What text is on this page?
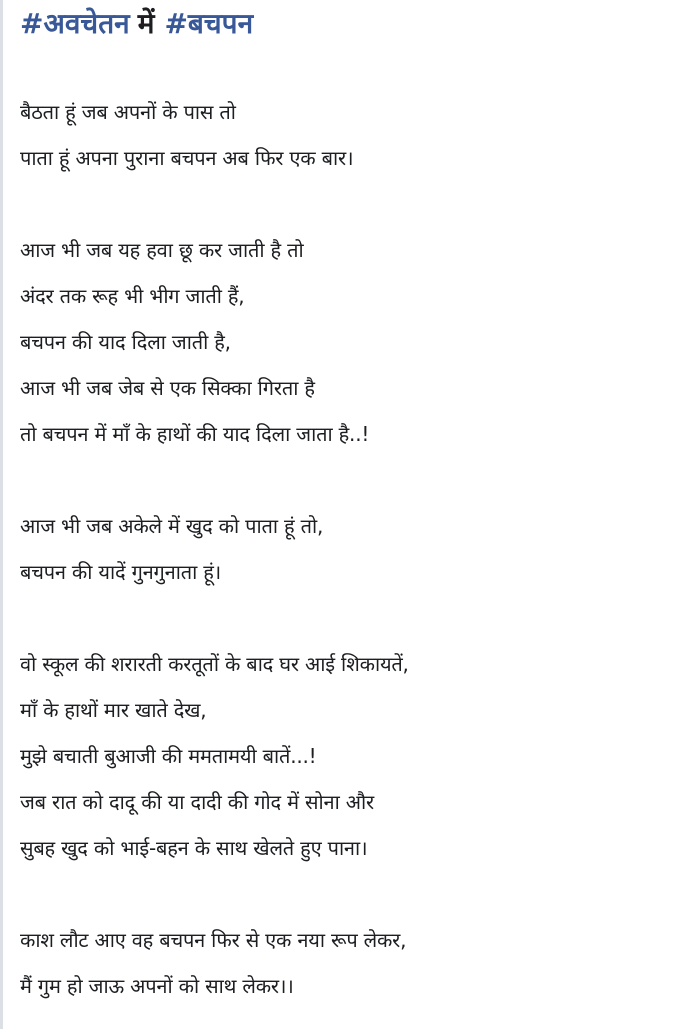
#अवचेतन में #बचपन
बैठता हूं जब अपनों के पास तो
पाता हूं अपना पुराना बचपन अब फिर एक बार।
आज भी जब यह हवा छू कर जाती है तो
अंदर तक रूह भी भीग जाती हैं,
बचपन की याद दिला जाती है,
आज भी जब जेब से एक सिक्का गिरता है
तो बचपन में माँ के हाथों की याद दिला जाता है..!
आज भी जब अकेले में खुद को पाता हूं तो,
बचपन की यादें गुनगुनाता हूं।
वो स्कूल की शरारती करतूतों के बाद घर आई शिकायतें,
माँ के हाथों मार खाते देख,
मुझे बचाती बुआजी की ममतामयी बातें...!
जब रात को दादू की या दादी की गोद में सोना और
सुबह खुद को भाई-बहन के साथ खेलते हुए पाना।
काश लौट आए वह बचपन फिर से एक नया रूप लेकर,
मैं गुम हो जाऊ अपनों को साथ लेकर।।
